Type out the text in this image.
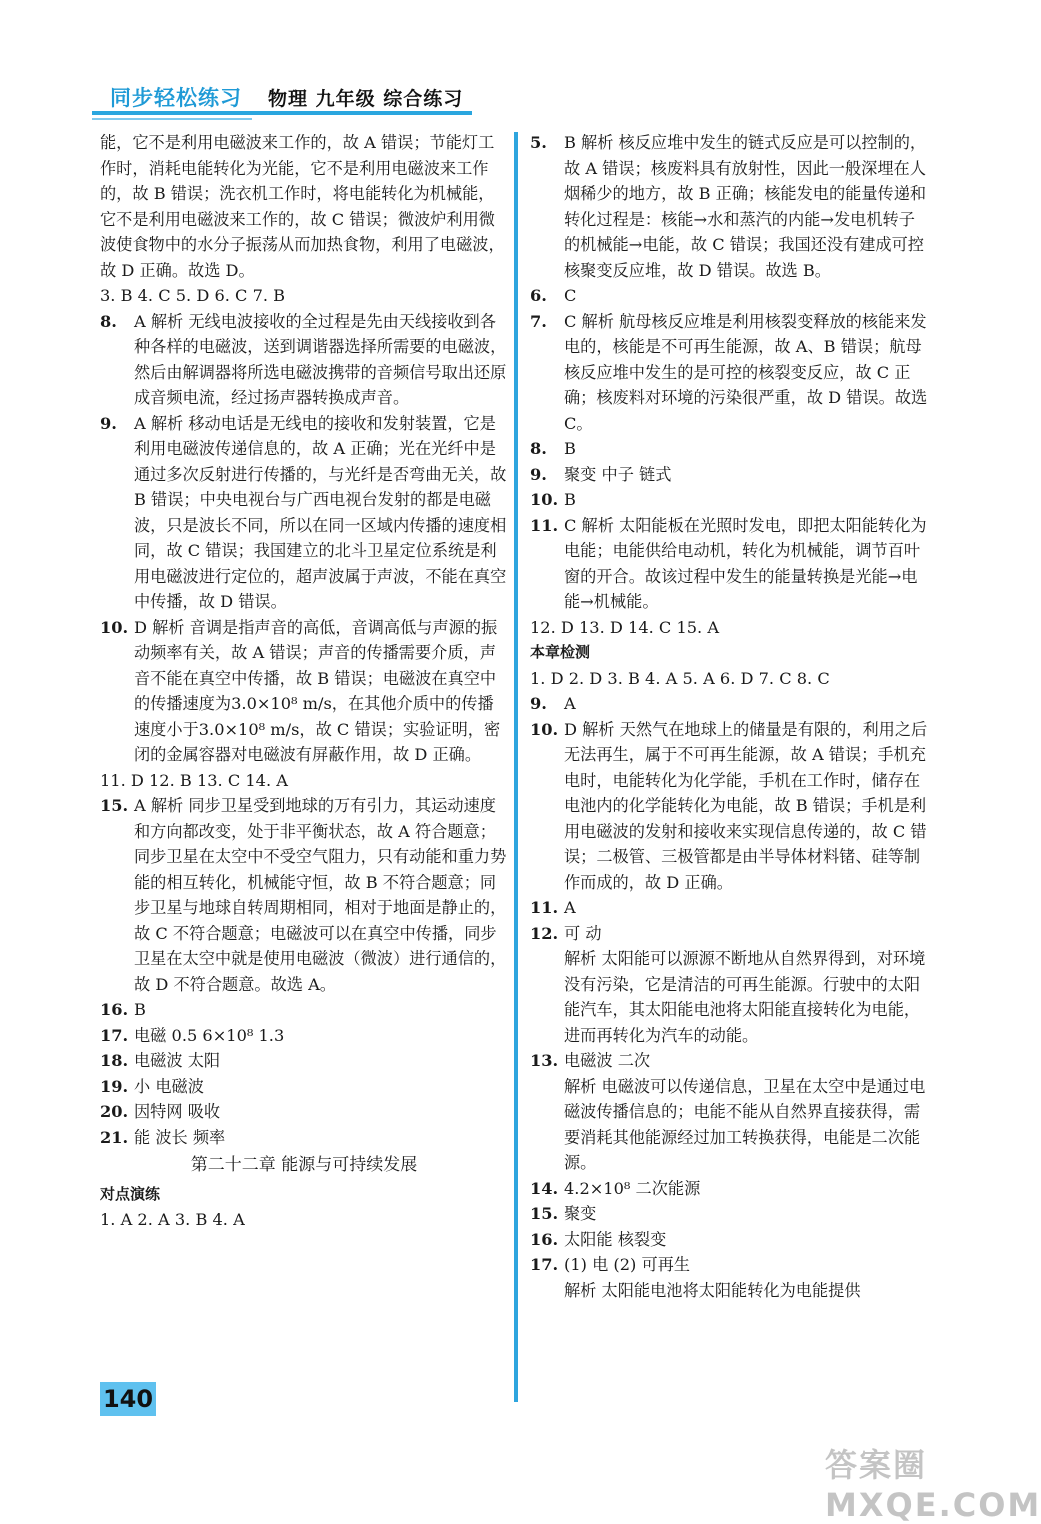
同步轻松练习 物理 九年级 综合练习
能，它不是利用电磁波来工作的，故 A 错误；节能灯工作时，消耗电能转化为光能，它不是利用电磁波来工作的，故 B 错误；洗衣机工作时，将电能转化为机械能，它不是利用电磁波来工作的，故 C 错误；微波炉利用微波使食物中的水分子振荡从而加热食物，利用了电磁波，故 D 正确。故选 D。
3. B 4. C 5. D 6. C 7. B
8. A 解析 无线电波接收的全过程是先由天线接收到各种各样的电磁波，送到调谐器选择所需要的电磁波，然后由解调器将所选电磁波携带的音频信号取出还原成音频电流，经过扬声器转换成声音。
9. A 解析 移动电话是无线电的接收和发射装置，它是利用电磁波传递信息的，故 A 正确；光在光纤中是通过多次反射进行传播的，与光纤是否弯曲无关，故 B 错误；中央电视台与广西电视台发射的都是电磁波，只是波长不同，所以在同一区域内传播的速度相同，故 C 错误；我国建立的北斗卫星定位系统是利用电磁波进行定位的，超声波属于声波，不能在真空中传播，故 D 错误。
10. D 解析 音调是指声音的高低，音调高低与声源的振动频率有关，故 A 错误；声音的传播需要介质，声音不能在真空中传播，故 B 错误；电磁波在真空中的传播速度为3.0×10⁸ m/s，在其他介质中的传播速度小于3.0×10⁸ m/s，故 C 错误；实验证明，密闭的金属容器对电磁波有屏蔽作用，故 D 正确。
11. D 12. B 13. C 14. A
15. A 解析 同步卫星受到地球的万有引力，其运动速度和方向都改变，处于非平衡状态，故 A 符合题意；同步卫星在太空中不受空气阻力，只有动能和重力势能的相互转化，机械能守恒，故 B 不符合题意；同步卫星与地球自转周期相同，相对于地面是静止的，故 C 不符合题意；电磁波可以在真空中传播，同步卫星在太空中就是使用电磁波（微波）进行通信的，故 D 不符合题意。故选 A。
16. B
17. 电磁 0.5 6×10⁸ 1.3
18. 电磁波 太阳
19. 小 电磁波
20. 因特网 吸收
21. 能 波长 频率
第二十二章 能源与可持续发展
对点演练
1. A 2. A 3. B 4. A
5. B 解析 核反应堆中发生的链式反应是可以控制的，故 A 错误；核废料具有放射性，因此一般深埋在人烟稀少的地方，故 B 正确；核能发电的能量传递和转化过程是：核能→水和蒸汽的内能→发电机转子的机械能→电能，故 C 错误；我国还没有建成可控核聚变反应堆，故 D 错误。故选 B。
6. C
7. C 解析 航母核反应堆是利用核裂变释放的核能来发电的，核能是不可再生能源，故 A、B 错误；航母核反应堆中发生的是可控的核裂变反应，故 C 正确；核废料对环境的污染很严重，故 D 错误。故选 C。
8. B
9. 聚变 中子 链式
10. B
11. C 解析 太阳能板在光照时发电，即把太阳能转化为电能；电能供给电动机，转化为机械能，调节百叶窗的开合。故该过程中发生的能量转换是光能→电能→机械能。
12. D 13. D 14. C 15. A
本章检测
1. D 2. D 3. B 4. A 5. A 6. D 7. C 8. C
9. A
10. D 解析 天然气在地球上的储量是有限的，利用之后无法再生，属于不可再生能源，故 A 错误；手机充电时，电能转化为化学能，手机在工作时，储存在电池内的化学能转化为电能，故 B 错误；手机是利用电磁波的发射和接收来实现信息传递的，故 C 错误；二极管、三极管都是由半导体材料锗、硅等制作而成的，故 D 正确。
11. A
12. 可 动
解析 太阳能可以源源不断地从自然界得到，对环境没有污染，它是清洁的可再生能源。行驶中的太阳能汽车，其太阳能电池将太阳能直接转化为电能，进而再转化为汽车的动能。
13. 电磁波 二次
解析 电磁波可以传递信息，卫星在太空中是通过电磁波传播信息的；电能不能从自然界直接获得，需要消耗其他能源经过加工转换获得，电能是二次能源。
14. 4.2×10⁸ 二次能源
15. 聚变
16. 太阳能 核裂变
17. (1) 电 (2) 可再生
解析 太阳能电池将太阳能转化为电能提供
140
答案圈 MXQE.COM
